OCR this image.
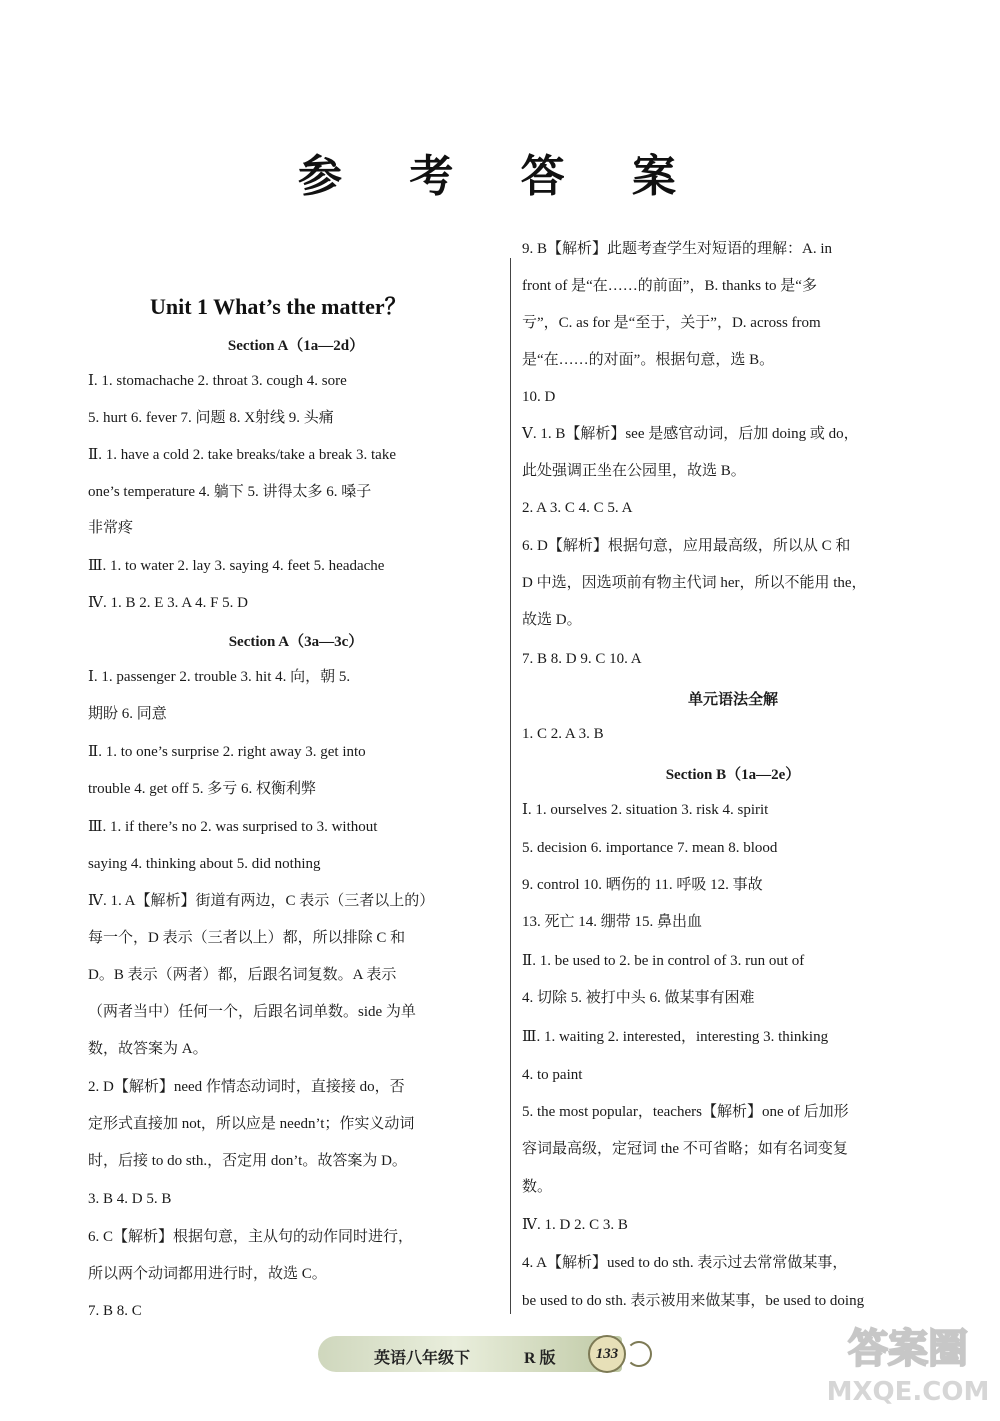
参 考 答 案
Unit 1 What’s the matter？
Section A（1a—2d）
Section A（3a—3c）
Ⅰ. 1. stomachache 2. throat 3. cough 4. sore
5. hurt 6. fever 7. 问题 8. X射线 9. 头痛
Ⅱ. 1. have a cold 2. take breaks/take a break 3. take
one’s temperature 4. 躺下 5. 讲得太多 6. 嗓子
非常疼
Ⅲ. 1. to water 2. lay 3. saying 4. feet 5. headache
Ⅳ. 1. B 2. E 3. A 4. F 5. D
Ⅰ. 1. passenger 2. trouble 3. hit 4. 向，朝 5.
期盼 6. 同意
Ⅱ. 1. to one’s surprise 2. right away 3. get into
trouble 4. get off 5. 多亏 6. 权衡利弊
Ⅲ. 1. if there’s no 2. was surprised to 3. without
saying 4. thinking about 5. did nothing
Ⅳ. 1. A【解析】街道有两边，C 表示（三者以上的）
每一个，D 表示（三者以上）都，所以排除 C 和
D。B 表示（两者）都，后跟名词复数。A 表示
（两者当中）任何一个，后跟名词单数。side 为单
数，故答案为 A。
2. D【解析】need 作情态动词时，直接接 do，否
定形式直接加 not，所以应是 needn’t；作实义动词
时，后接 to do sth.，否定用 don’t。故答案为 D。
3. B 4. D 5. B
6. C【解析】根据句意，主从句的动作同时进行，
所以两个动词都用进行时，故选 C。
7. B 8. C
单元语法全解
Section B（1a—2e）
9. B【解析】此题考查学生对短语的理解：A. in
front of 是“在……的前面”，B. thanks to 是“多
亏”，C. as for 是“至于，关于”，D. across from
是“在……的对面”。根据句意，选 B。
10. D
Ⅴ. 1. B【解析】see 是感官动词，后加 doing 或 do，
此处强调正坐在公园里，故选 B。
2. A 3. C 4. C 5. A
6. D【解析】根据句意，应用最高级，所以从 C 和
D 中选，因选项前有物主代词 her，所以不能用 the，
故选 D。
7. B 8. D 9. C 10. A
1. C 2. A 3. B
Ⅰ. 1. ourselves 2. situation 3. risk 4. spirit
5. decision 6. importance 7. mean 8. blood
9. control 10. 晒伤的 11. 呼吸 12. 事故
13. 死亡 14. 绷带 15. 鼻出血
Ⅱ. 1. be used to 2. be in control of 3. run out of
4. 切除 5. 被打中头 6. 做某事有困难
Ⅲ. 1. waiting 2. interested，interesting 3. thinking
4. to paint
5. the most popular，teachers【解析】one of 后加形
容词最高级，定冠词 the 不可省略；如有名词变复
数。
Ⅳ. 1. D 2. C 3. B
4. A【解析】used to do sth. 表示过去常常做某事，
be used to do sth. 表示被用来做某事，be used to doing
英语八年级下	R 版	133	答案圈
MXQE.COM
